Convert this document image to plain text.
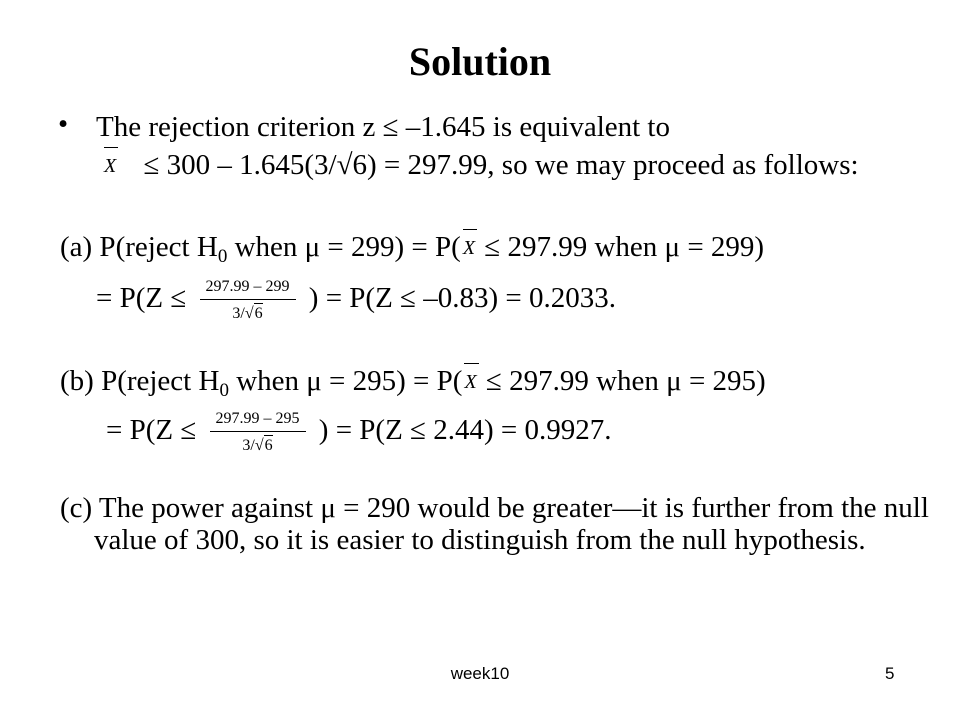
Solution
• The rejection criterion z ≤ –1.645 is equivalent to
X ≤ 300 – 1.645(3/√6) = 297.99, so we may proceed as follows:
(a) P(reject $H_0$ when μ = 299) = P( X ≤ 297.99 when μ = 299)
= $P(Z \le \frac{297.99 - 299}{3/√6}$ ) = P(Z ≤ –0.83) = 0.2033.
(b) P(reject $H_0$ when μ = 295) = P( X ≤ 297.99 when μ = 295)
= $P(Z \le \frac{297.99 - 295}{3/√6}$ ) = P(Z ≤ 2.44) = 0.9927.
(c) The power against μ = 290 would be greater—it is further from the null value of 300, so it is easier to distinguish from the null hypothesis.
week10	5
